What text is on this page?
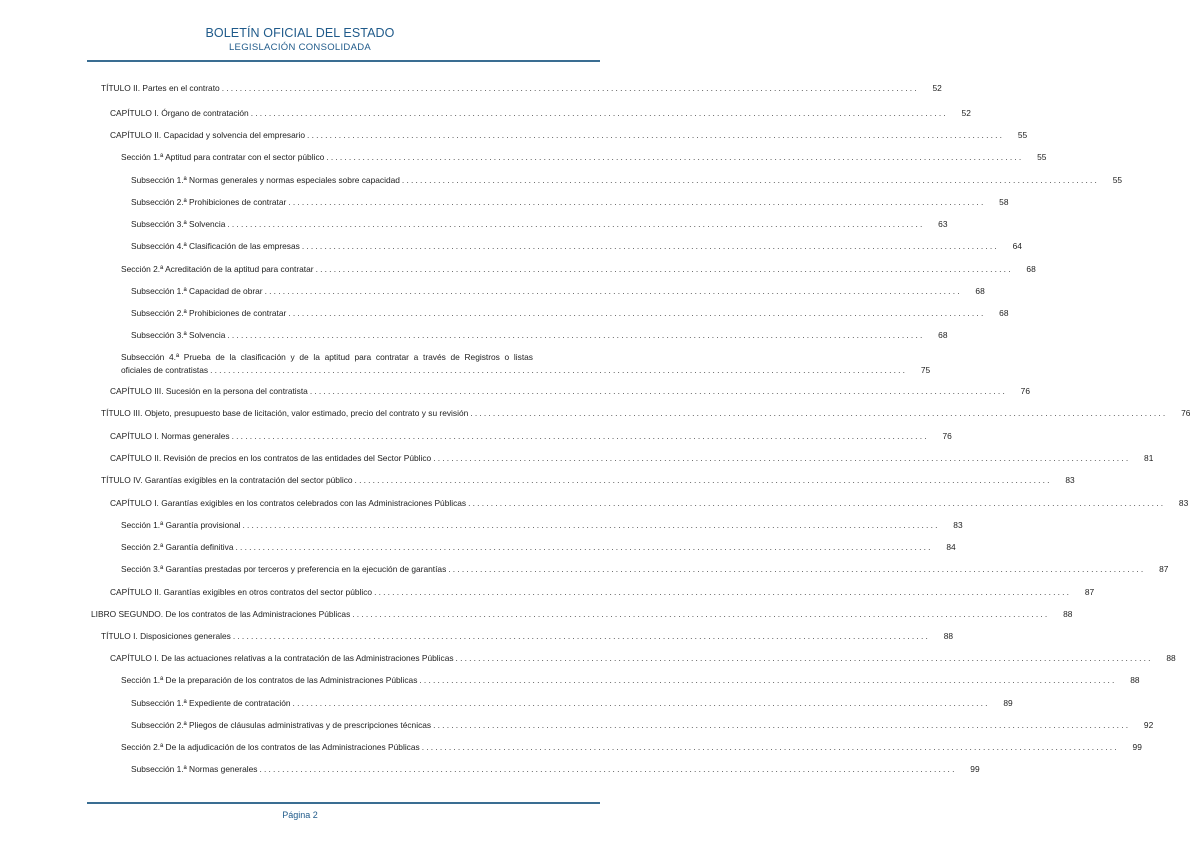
BOLETÍN OFICIAL DEL ESTADO
LEGISLACIÓN CONSOLIDADA
TÍTULO II. Partes en el contrato ..........................................................................................................................................................	52
CAPÍTULO I. Órgano de contratación ..........................................................................................................................................................	52
CAPÍTULO II. Capacidad y solvencia del empresario ..........................................................................................................................................................	55
Sección 1.ª Aptitud para contratar con el sector público ..........................................................................................................................................................	55
Subsección 1.ª Normas generales y normas especiales sobre capacidad ..........................................................................................................................................................	55
Subsección 2.ª Prohibiciones de contratar ..........................................................................................................................................................	58
Subsección 3.ª Solvencia ..........................................................................................................................................................	63
Subsección 4.ª Clasificación de las empresas ..........................................................................................................................................................	64
Sección 2.ª Acreditación de la aptitud para contratar ..........................................................................................................................................................	68
Subsección 1.ª Capacidad de obrar ..........................................................................................................................................................	68
Subsección 2.ª Prohibiciones de contratar ..........................................................................................................................................................	68
Subsección 3.ª Solvencia ..........................................................................................................................................................	68
Subsección 4.ª Prueba de la clasificación y de la aptitud para contratar a través de Registros o listas
oficiales de contratistas ..........................................................................................................................................................	75
CAPÍTULO III. Sucesión en la persona del contratista ..........................................................................................................................................................	76
TÍTULO III. Objeto, presupuesto base de licitación, valor estimado, precio del contrato y su revisión ..........................................................................................................................................................	76
CAPÍTULO I. Normas generales ..........................................................................................................................................................	76
CAPÍTULO II. Revisión de precios en los contratos de las entidades del Sector Público ..........................................................................................................................................................	81
TÍTULO IV. Garantías exigibles en la contratación del sector público ..........................................................................................................................................................	83
CAPÍTULO I. Garantías exigibles en los contratos celebrados con las Administraciones Públicas ..........................................................................................................................................................	83
Sección 1.ª Garantía provisional ..........................................................................................................................................................	83
Sección 2.ª Garantía definitiva ..........................................................................................................................................................	84
Sección 3.ª Garantías prestadas por terceros y preferencia en la ejecución de garantías ..........................................................................................................................................................	87
CAPÍTULO II. Garantías exigibles en otros contratos del sector público ..........................................................................................................................................................	87
LIBRO SEGUNDO. De los contratos de las Administraciones Públicas ..........................................................................................................................................................	88
TÍTULO I. Disposiciones generales ..........................................................................................................................................................	88
CAPÍTULO I. De las actuaciones relativas a la contratación de las Administraciones Públicas ..........................................................................................................................................................	88
Sección 1.ª De la preparación de los contratos de las Administraciones Públicas ..........................................................................................................................................................	88
Subsección 1.ª Expediente de contratación ..........................................................................................................................................................	89
Subsección 2.ª Pliegos de cláusulas administrativas y de prescripciones técnicas ..........................................................................................................................................................	92
Sección 2.ª De la adjudicación de los contratos de las Administraciones Públicas ..........................................................................................................................................................	99
Subsección 1.ª Normas generales ..........................................................................................................................................................	99
Página 2
